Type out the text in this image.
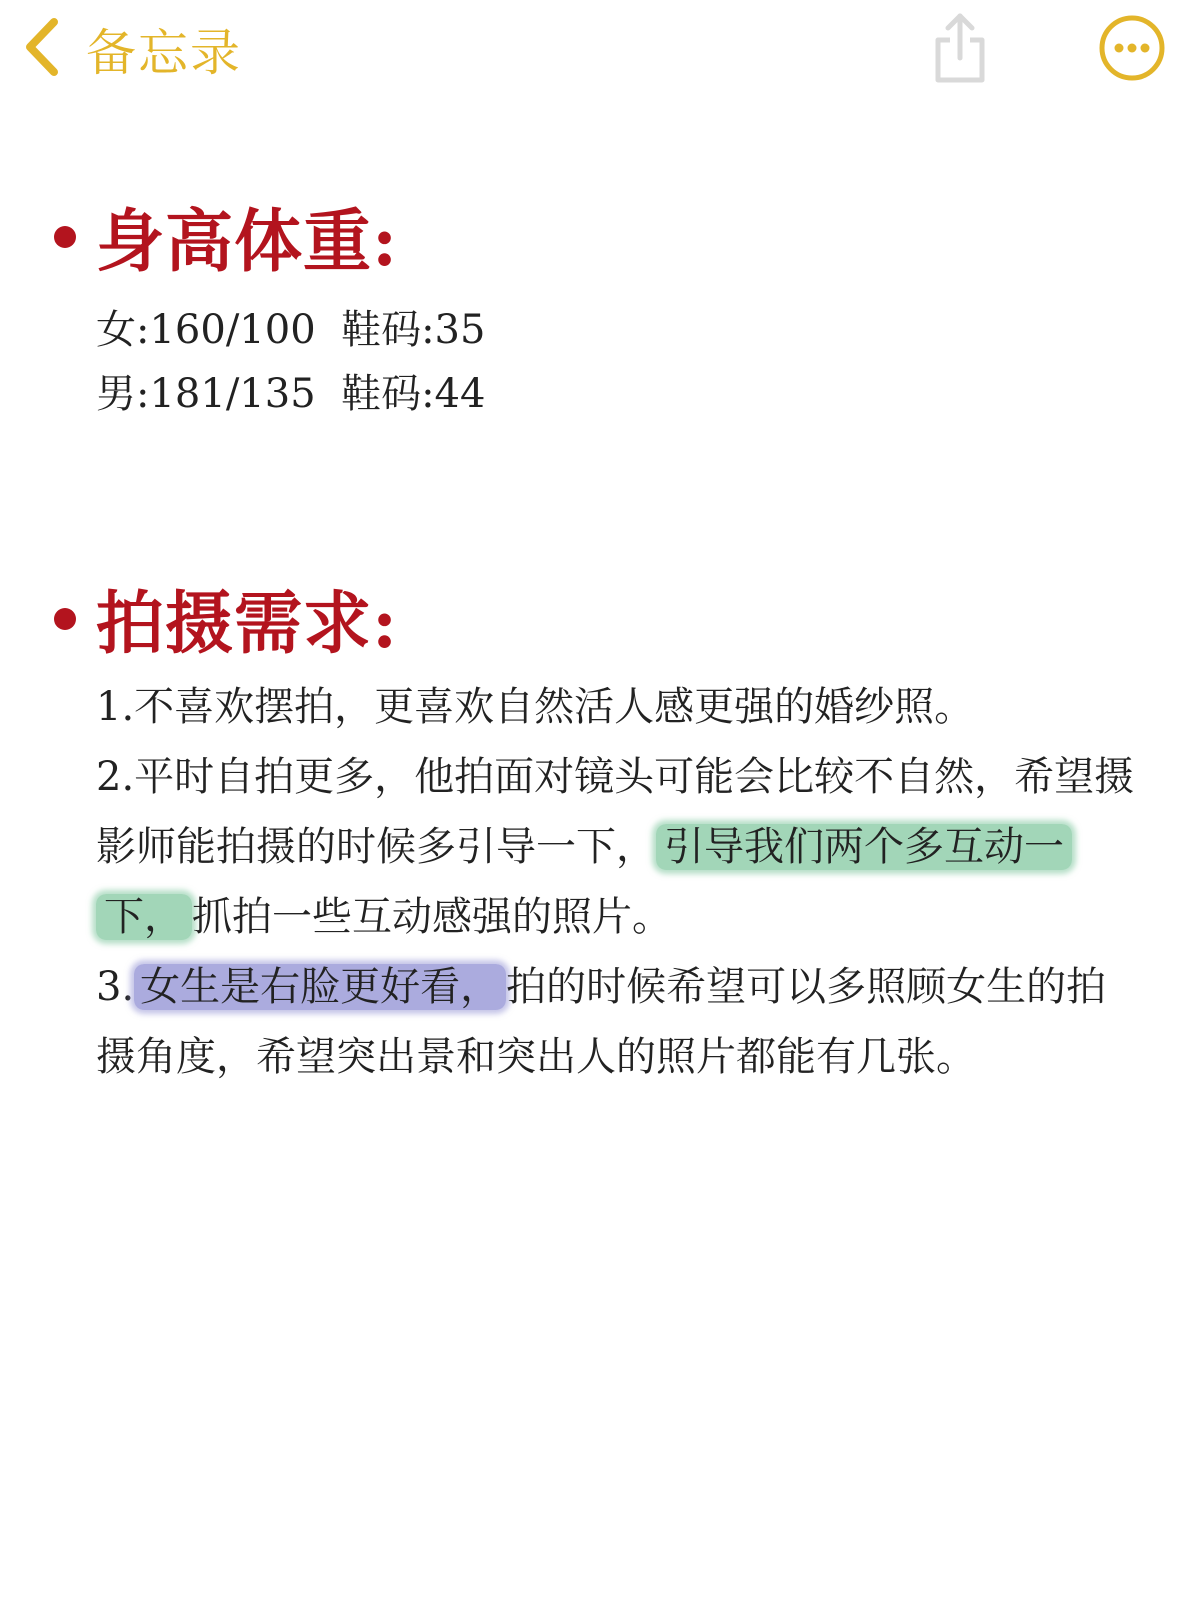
备忘录
身高体重:
女:160/100  鞋码:35
男:181/135  鞋码:44
拍摄需求:

1.不喜欢摆拍，更喜欢自然活人感更强的婚纱照。

2.平时自拍更多，他拍面对镜头可能会比较不自然，希望摄影师能拍摄的时候多引导一下， 引导我们两个多互动一下， 抓拍一些互动感强的照片。

3. 女生是右脸更好看， 拍的时候希望可以多照顾女生的拍摄角度，希望突出景和突出人的照片都能有几张。
